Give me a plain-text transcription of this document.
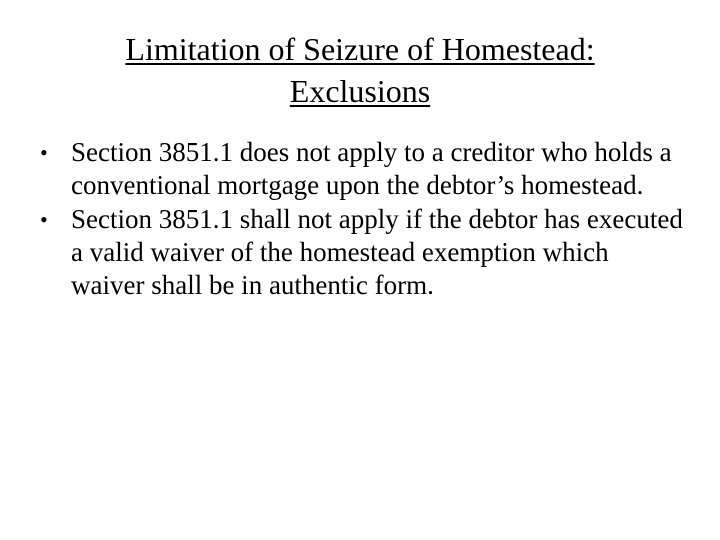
Limitation of Seizure of Homestead:
Exclusions
• Section 3851.1 does not apply to a creditor who holds a conventional mortgage upon the debtor’s homestead.
• Section 3851.1 shall not apply if the debtor has executed a valid waiver of the homestead exemption which waiver shall be in authentic form.
